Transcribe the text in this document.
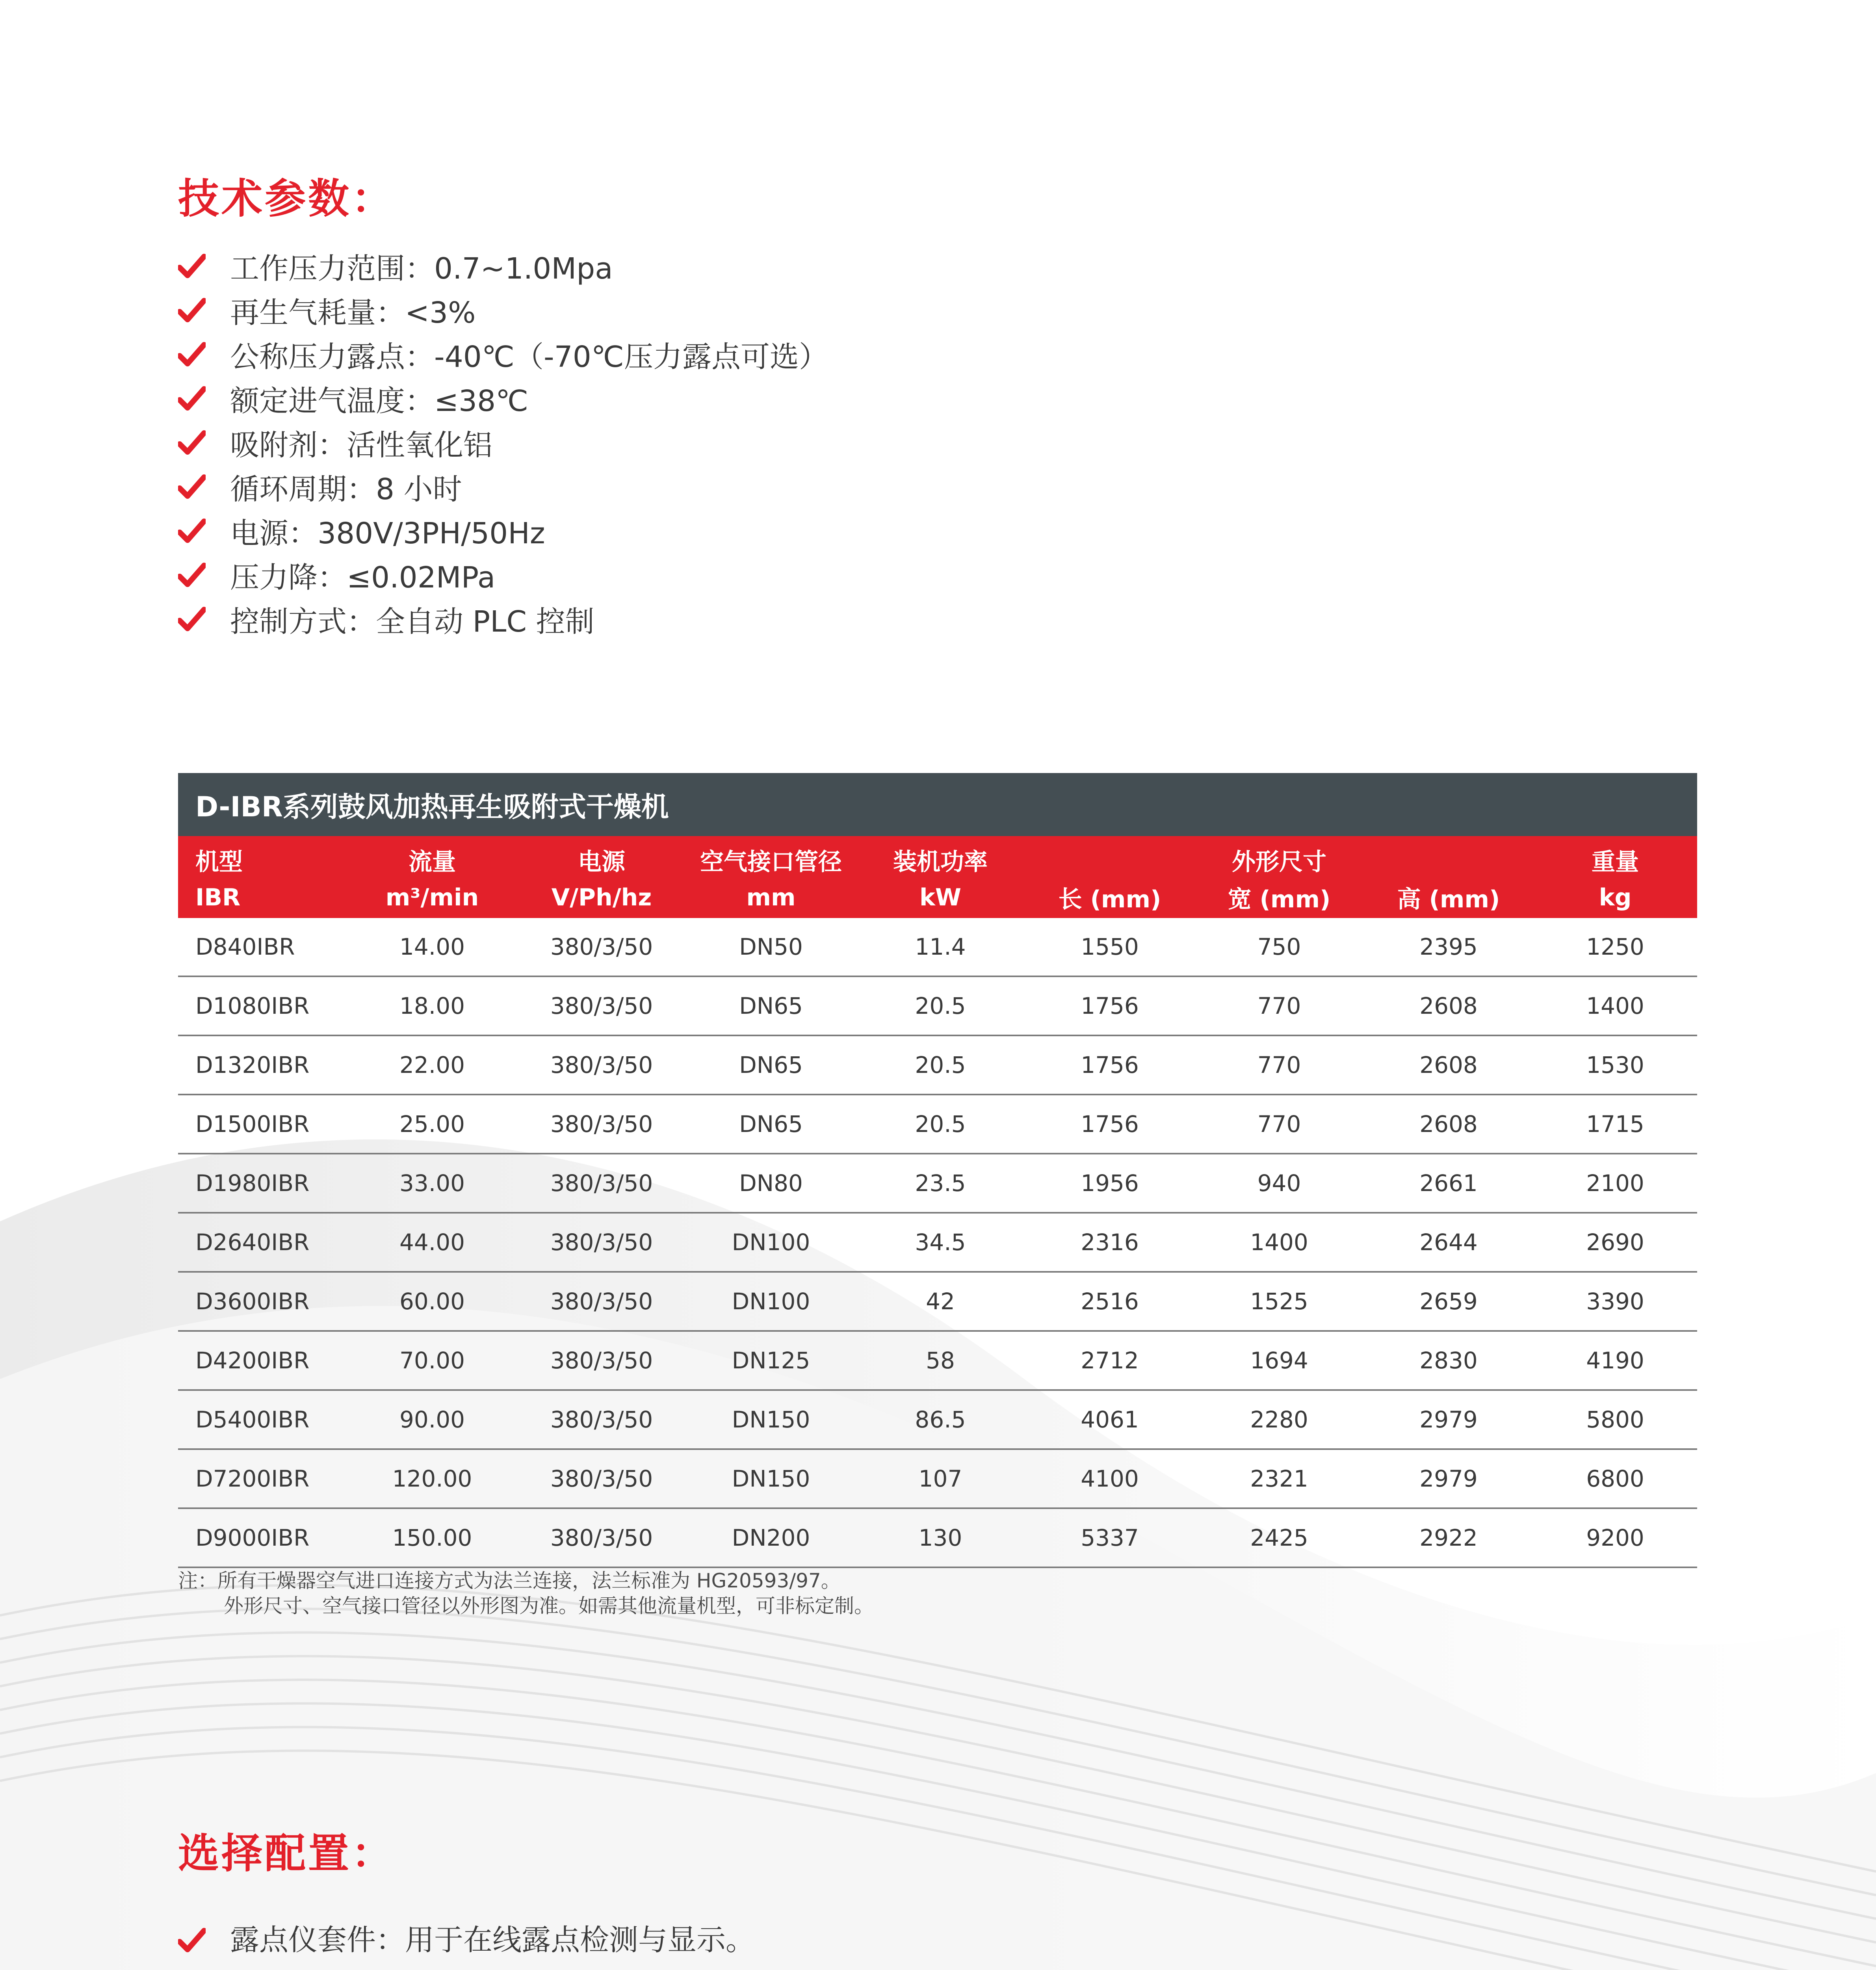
技术参数：
工作压力范围：0.7~1.0Mpa
再生气耗量：<3%
公称压力露点：-40℃（-70℃压力露点可选）
额定进气温度：≤38℃
吸附剂：活性氧化铝
循环周期：8 小时
电源：380V/3PH/50Hz
压力降：≤0.02MPa
控制方式：全自动 PLC 控制
D-IBR系列鼓风加热再生吸附式干燥机
机型	流量	电源	空气接口管径	装机功率	外形尺寸			重量
IBR	m³/min	V/Ph/hz	mm	kW	长 (mm)	宽 (mm)	高 (mm)	kg
D840IBR	14.00	380/3/50	DN50	11.4	1550	750	2395	1250
D1080IBR	18.00	380/3/50	DN65	20.5	1756	770	2608	1400
D1320IBR	22.00	380/3/50	DN65	20.5	1756	770	2608	1530
D1500IBR	25.00	380/3/50	DN65	20.5	1756	770	2608	1715
D1980IBR	33.00	380/3/50	DN80	23.5	1956	940	2661	2100
D2640IBR	44.00	380/3/50	DN100	34.5	2316	1400	2644	2690
D3600IBR	60.00	380/3/50	DN100	42	2516	1525	2659	3390
D4200IBR	70.00	380/3/50	DN125	58	2712	1694	2830	4190
D5400IBR	90.00	380/3/50	DN150	86.5	4061	2280	2979	5800
D7200IBR	120.00	380/3/50	DN150	107	4100	2321	2979	6800
D9000IBR	150.00	380/3/50	DN200	130	5337	2425	2922	9200
注：所有干燥器空气进口连接方式为法兰连接，法兰标准为 HG20593/97。
外形尺寸、空气接口管径以外形图为准。如需其他流量机型，可非标定制。
选择配置：
露点仪套件：用于在线露点检测与显示。
